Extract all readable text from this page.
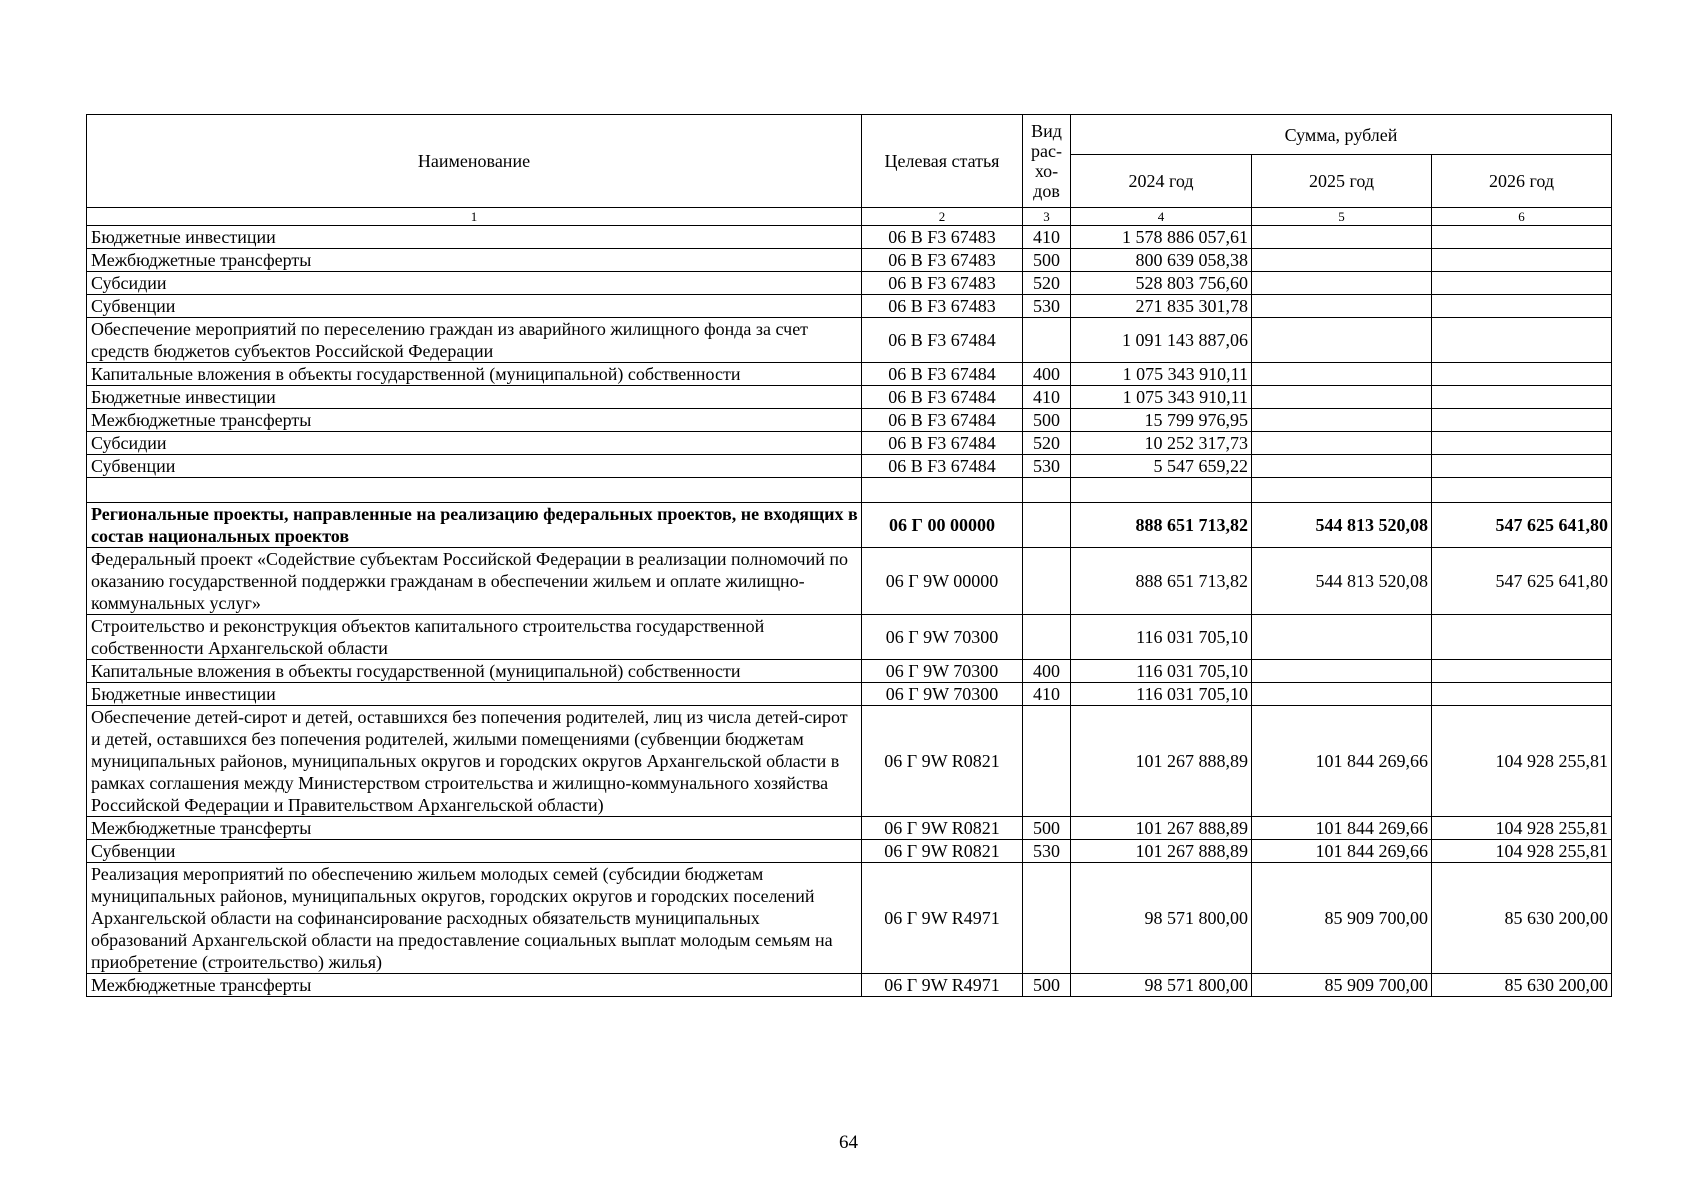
Наименование	Целевая статья	Вид рас-хо-дов	Сумма, рублей		
			2024 год	2025 год	2026 год
1	2	3	4	5	6
Бюджетные инвестиции	06 В F3 67483	410	1 578 886 057,61		
Межбюджетные трансферты	06 В F3 67483	500	800 639 058,38		
Субсидии	06 В F3 67483	520	528 803 756,60		
Субвенции	06 В F3 67483	530	271 835 301,78		
Обеспечение мероприятий по переселению граждан из аварийного жилищного фонда за счет средств бюджетов субъектов Российской Федерации	06 В F3 67484		1 091 143 887,06		
Капитальные вложения в объекты государственной (муниципальной) собственности	06 В F3 67484	400	1 075 343 910,11		
Бюджетные инвестиции	06 В F3 67484	410	1 075 343 910,11		
Межбюджетные трансферты	06 В F3 67484	500	15 799 976,95		
Субсидии	06 В F3 67484	520	10 252 317,73		
Субвенции	06 В F3 67484	530	5 547 659,22		

Региональные проекты, направленные на реализацию федеральных проектов, не входящих в состав национальных проектов	06 Г 00 00000		888 651 713,82	544 813 520,08	547 625 641,80
Федеральный проект «Содействие субъектам Российской Федерации в реализации полномочий по оказанию государственной поддержки гражданам в обеспечении жильем и оплате жилищно-коммунальных услуг»	06 Г 9W 00000		888 651 713,82	544 813 520,08	547 625 641,80
Строительство и реконструкция объектов капитального строительства государственной собственности Архангельской области	06 Г 9W 70300		116 031 705,10		
Капитальные вложения в объекты государственной (муниципальной) собственности	06 Г 9W 70300	400	116 031 705,10		
Бюджетные инвестиции	06 Г 9W 70300	410	116 031 705,10		
Обеспечение детей-сирот и детей, оставшихся без попечения родителей, лиц из числа детей-сирот и детей, оставшихся без попечения родителей, жилыми помещениями (субвенции бюджетам муниципальных районов, муниципальных округов и городских округов Архангельской области в рамках соглашения между Министерством строительства и жилищно-коммунального хозяйства Российской Федерации и Правительством Архангельской области)	06 Г 9W R0821		101 267 888,89	101 844 269,66	104 928 255,81
Межбюджетные трансферты	06 Г 9W R0821	500	101 267 888,89	101 844 269,66	104 928 255,81
Субвенции	06 Г 9W R0821	530	101 267 888,89	101 844 269,66	104 928 255,81
Реализация мероприятий по обеспечению жильем молодых семей (субсидии бюджетам муниципальных районов, муниципальных округов, городских округов и городских поселений Архангельской области на софинансирование расходных обязательств муниципальных образований Архангельской области на предоставление социальных выплат молодым семьям на приобретение (строительство) жилья)	06 Г 9W R4971		98 571 800,00	85 909 700,00	85 630 200,00
Межбюджетные трансферты	06 Г 9W R4971	500	98 571 800,00	85 909 700,00	85 630 200,00
64
